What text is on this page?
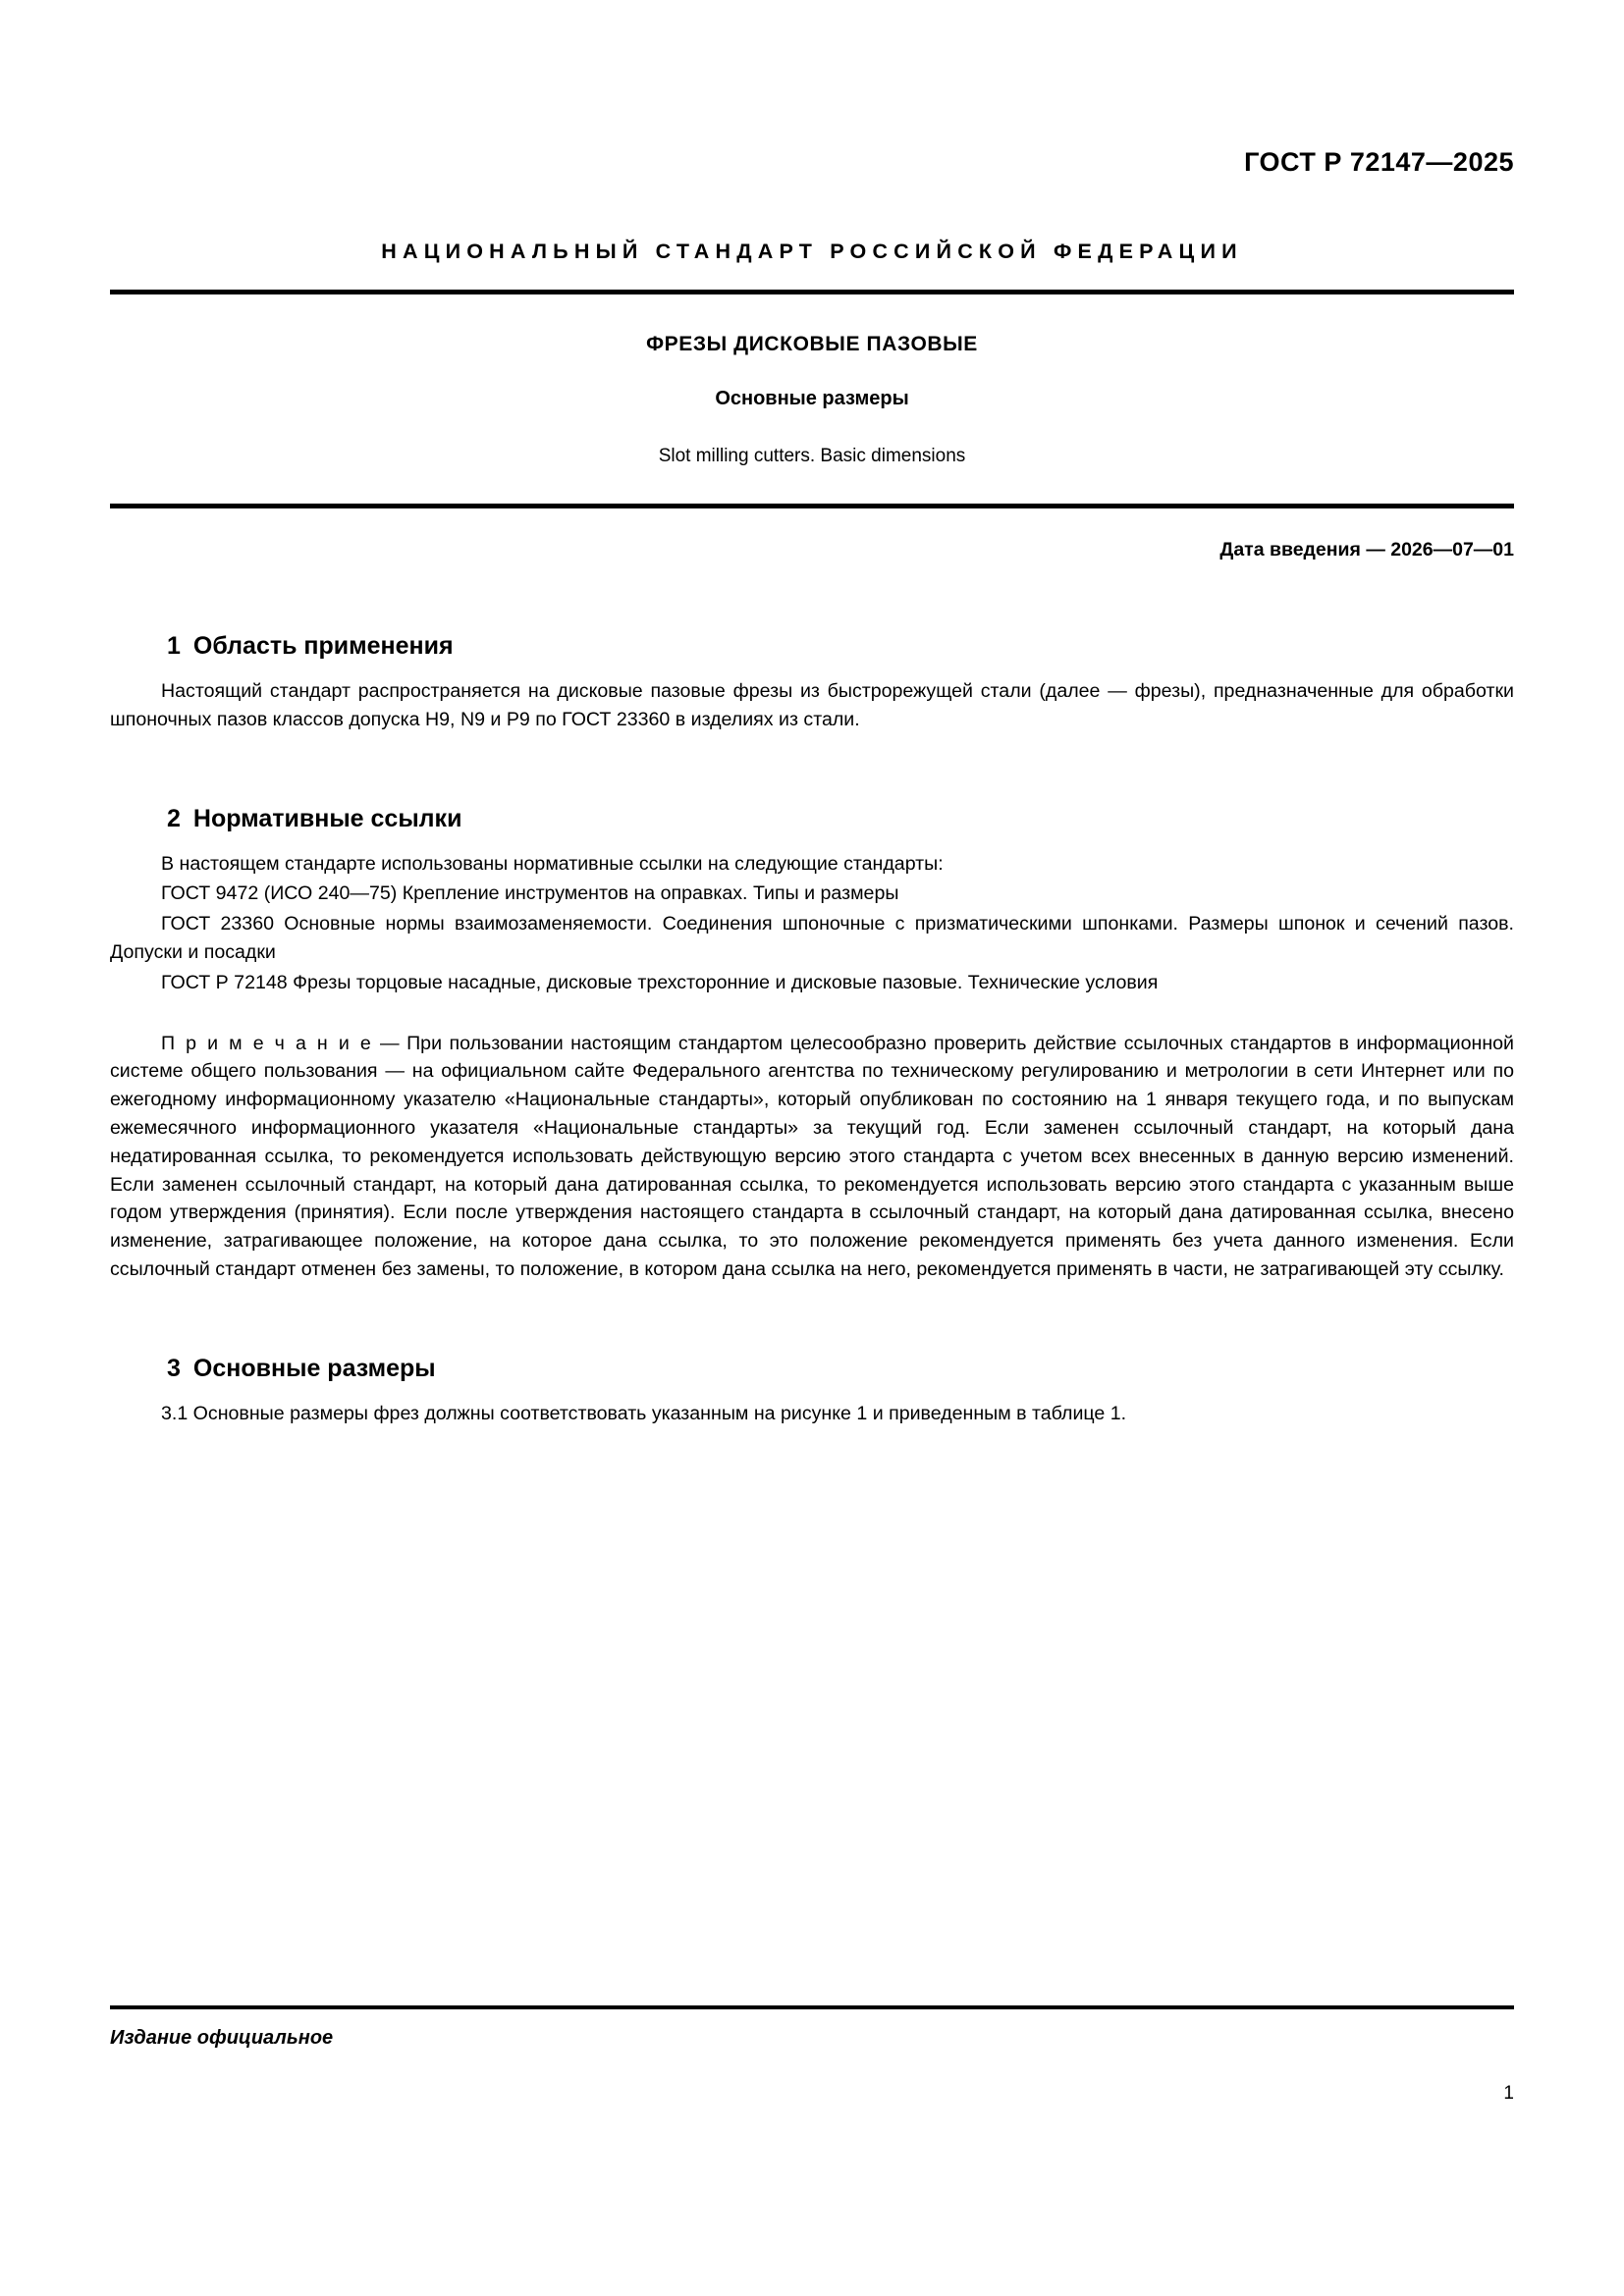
ГОСТ Р 72147—2025
НАЦИОНАЛЬНЫЙ СТАНДАРТ РОССИЙСКОЙ ФЕДЕРАЦИИ
ФРЕЗЫ ДИСКОВЫЕ ПАЗОВЫЕ
Основные размеры
Slot milling cutters. Basic dimensions
Дата введения — 2026—07—01
1 Область применения
Настоящий стандарт распространяется на дисковые пазовые фрезы из быстрорежущей стали (далее — фрезы), предназначенные для обработки шпоночных пазов классов допуска H9, N9 и P9 по ГОСТ 23360 в изделиях из стали.
2 Нормативные ссылки
В настоящем стандарте использованы нормативные ссылки на следующие стандарты:
ГОСТ 9472 (ИСО 240—75) Крепление инструментов на оправках. Типы и размеры
ГОСТ 23360 Основные нормы взаимозаменяемости. Соединения шпоночные с призматическими шпонками. Размеры шпонок и сечений пазов. Допуски и посадки
ГОСТ Р 72148 Фрезы торцовые насадные, дисковые трехсторонние и дисковые пазовые. Технические условия
П р и м е ч а н и е — При пользовании настоящим стандартом целесообразно проверить действие ссылочных стандартов в информационной системе общего пользования — на официальном сайте Федерального агентства по техническому регулированию и метрологии в сети Интернет или по ежегодному информационному указателю «Национальные стандарты», который опубликован по состоянию на 1 января текущего года, и по выпускам ежемесячного информационного указателя «Национальные стандарты» за текущий год. Если заменен ссылочный стандарт, на который дана недатированная ссылка, то рекомендуется использовать действующую версию этого стандарта с учетом всех внесенных в данную версию изменений. Если заменен ссылочный стандарт, на который дана датированная ссылка, то рекомендуется использовать версию этого стандарта с указанным выше годом утверждения (принятия). Если после утверждения настоящего стандарта в ссылочный стандарт, на который дана датированная ссылка, внесено изменение, затрагивающее положение, на которое дана ссылка, то это положение рекомендуется применять без учета данного изменения. Если ссылочный стандарт отменен без замены, то положение, в котором дана ссылка на него, рекомендуется применять в части, не затрагивающей эту ссылку.
3 Основные размеры
3.1 Основные размеры фрез должны соответствовать указанным на рисунке 1 и приведенным в таблице 1.
Издание официальное
1
